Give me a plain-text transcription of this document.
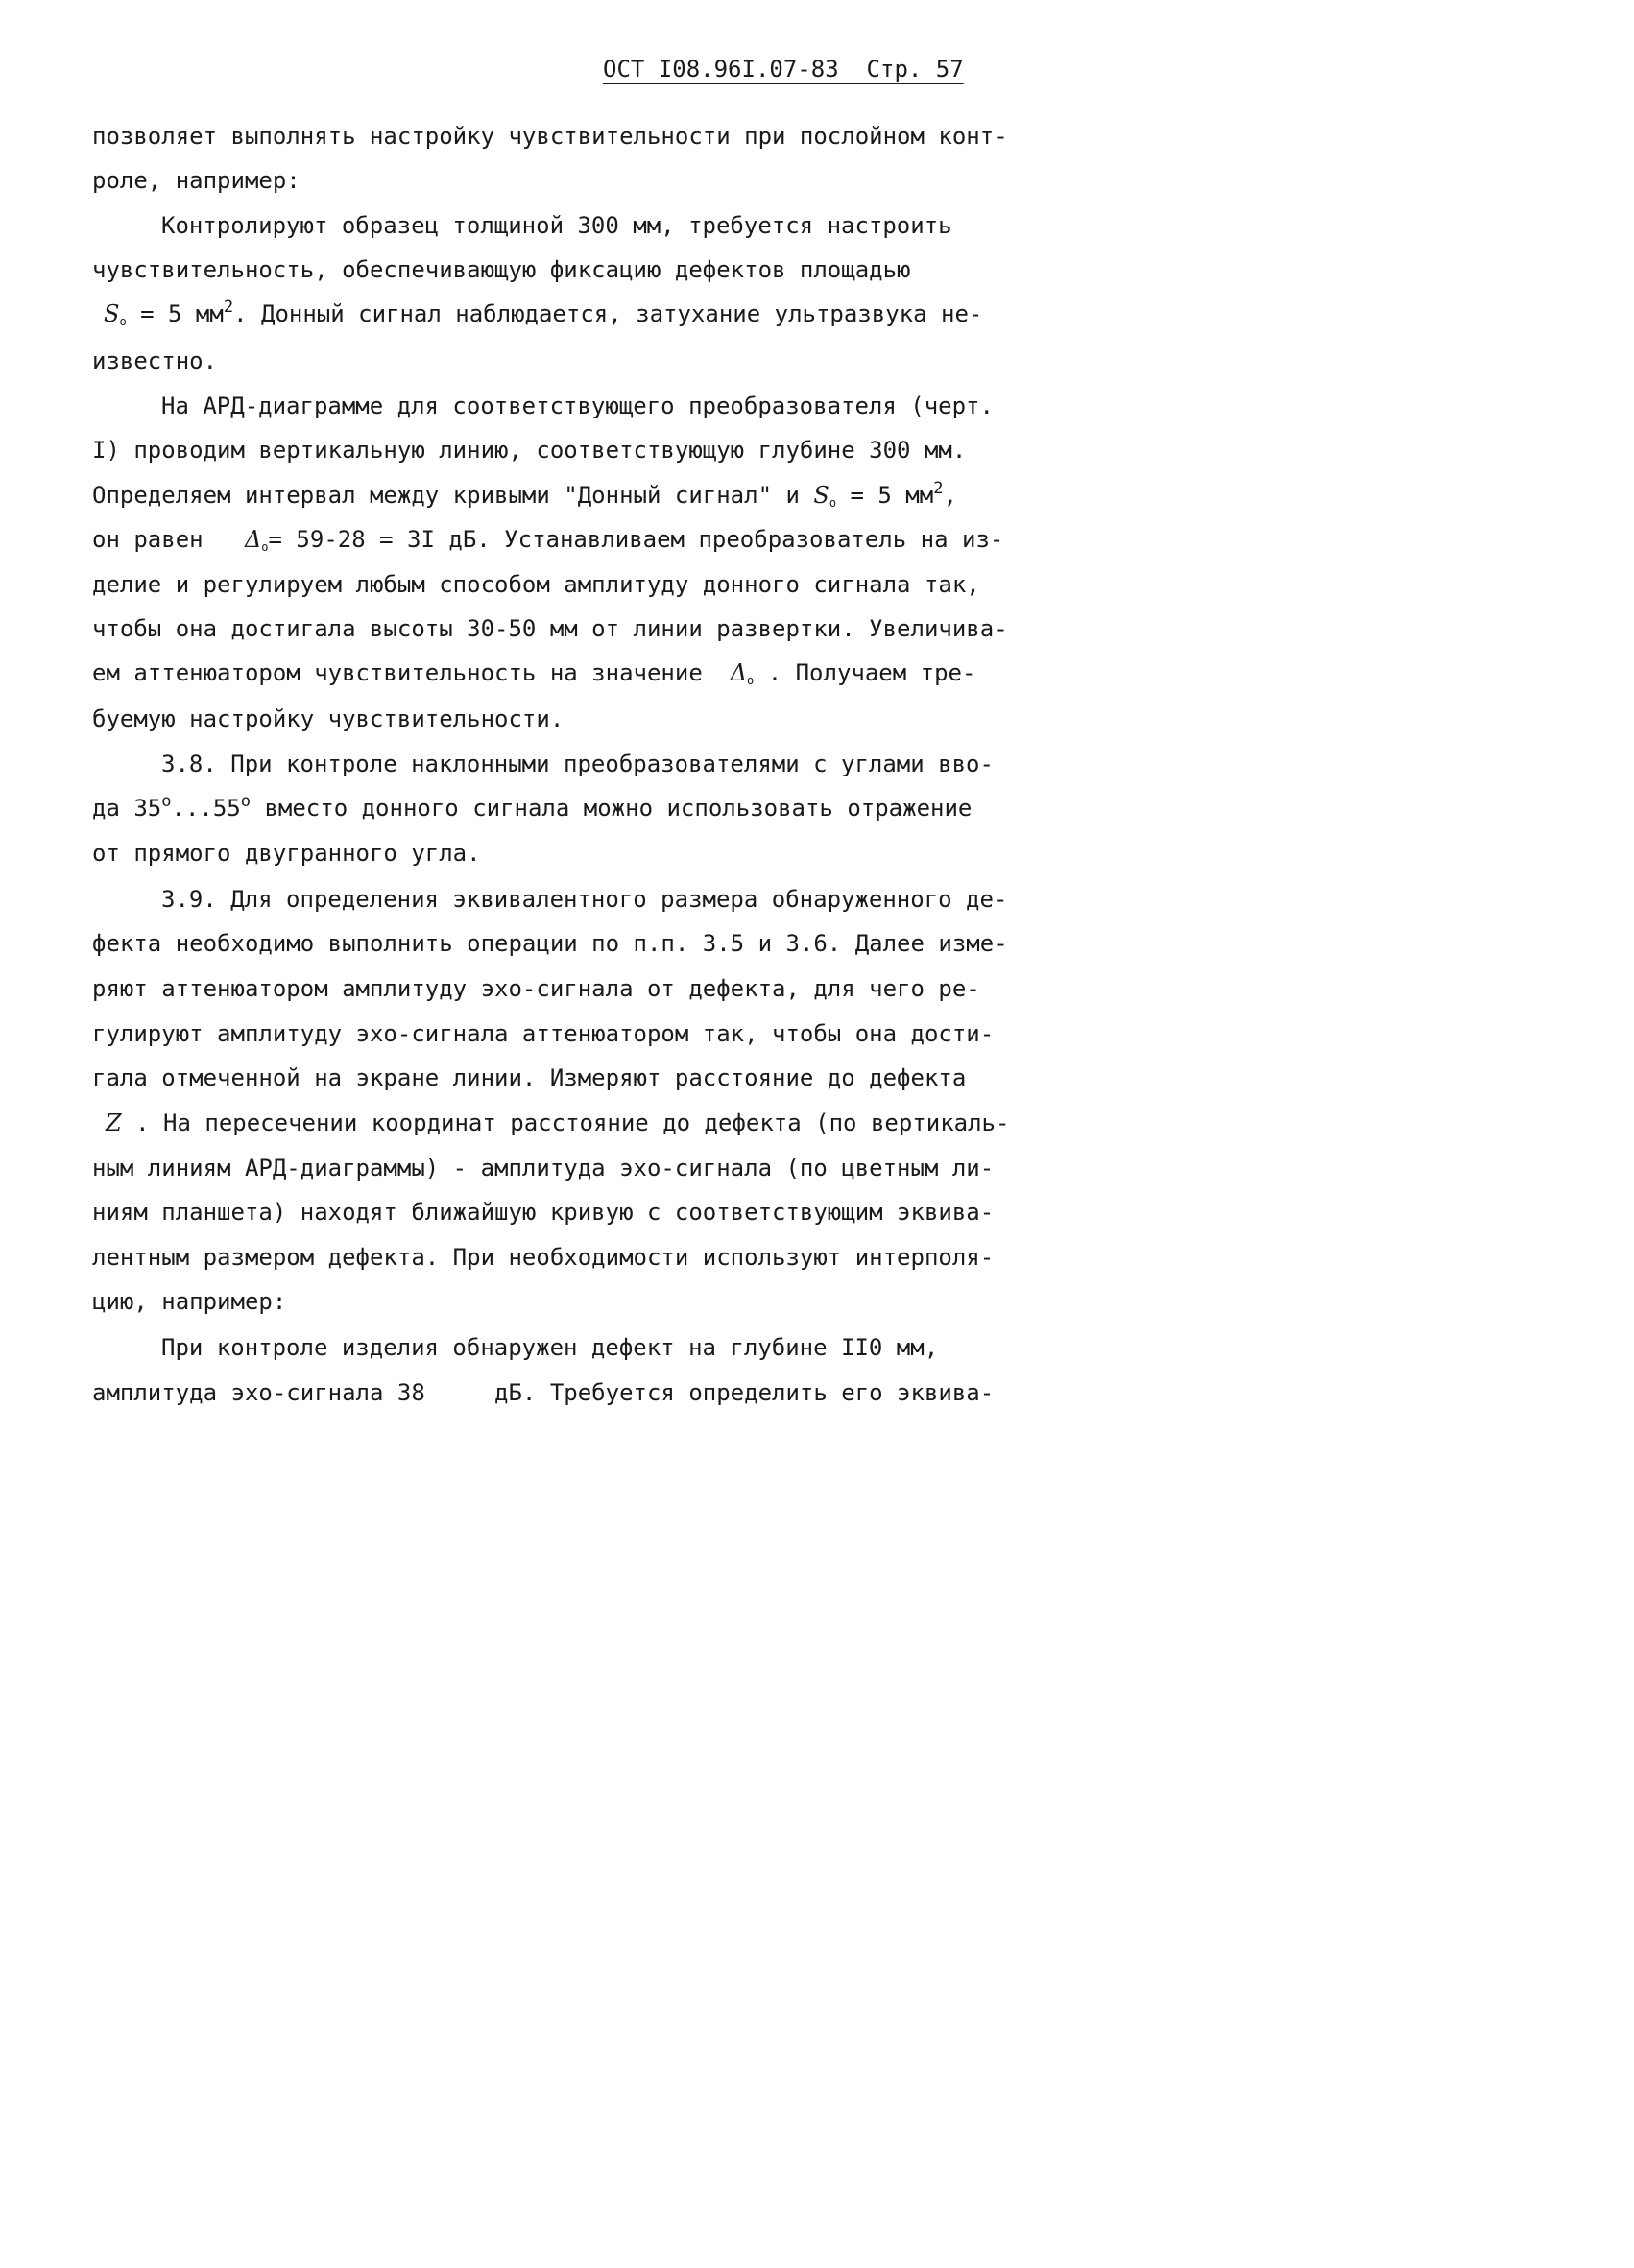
ОСТ I08.96I.07-83 Стр. 57
позволяет выполнять настройку чувствительности при послойном конт-
роле, например:
Контролируют образец толщиной 300 мм, требуется настроить
чувствительность, обеспечивающую фиксацию дефектов площадью
$S_o = 5$ $мм^2$. Донный сигнал наблюдается, затухание ультразвука не-
известно.
На АРД-диаграмме для соответствующего преобразователя (черт.
I) проводим вертикальную линию, соответствующую глубине 300 мм.
Определяем интервал между кривыми "Донный сигнал" и $S_o = 5$ $мм^2$,
он равен   $\Delta_o= 59-28 = 3I$ дБ. Устанавливаем преобразователь на из-
делие и регулируем любым способом амплитуду донного сигнала так,
чтобы она достигала высоты 30-50 мм от линии развертки. Увеличива-
ем аттенюатором чувствительность на значение  $\Delta_o$ . Получаем тре-
буемую настройку чувствительности.
3.8. При контроле наклонными преобразователями с углами вво-
да 35$^o$...55$^o$ вместо донного сигнала можно использовать отражение
от прямого двугранного угла.
3.9. Для определения эквивалентного размера обнаруженного де-
фекта необходимо выполнить операции по п.п. 3.5 и 3.6. Далее изме-
ряют аттенюатором амплитуду эхо-сигнала от дефекта, для чего ре-
гулируют амплитуду эхо-сигнала аттенюатором так, чтобы она дости-
гала отмеченной на экране линии. Измеряют расстояние до дефекта
Z . На пересечении координат расстояние до дефекта (по вертикаль-
ным линиям АРД-диаграммы) - амплитуда эхо-сигнала (по цветным ли-
ниям планшета) находят ближайшую кривую с соответствующим эквива-
лентным размером дефекта. При необходимости используют интерполя-
цию, например:
При контроле изделия обнаружен дефект на глубине II0 мм,
амплитуда эхо-сигнала 38     дБ. Требуется определить его эквива-
